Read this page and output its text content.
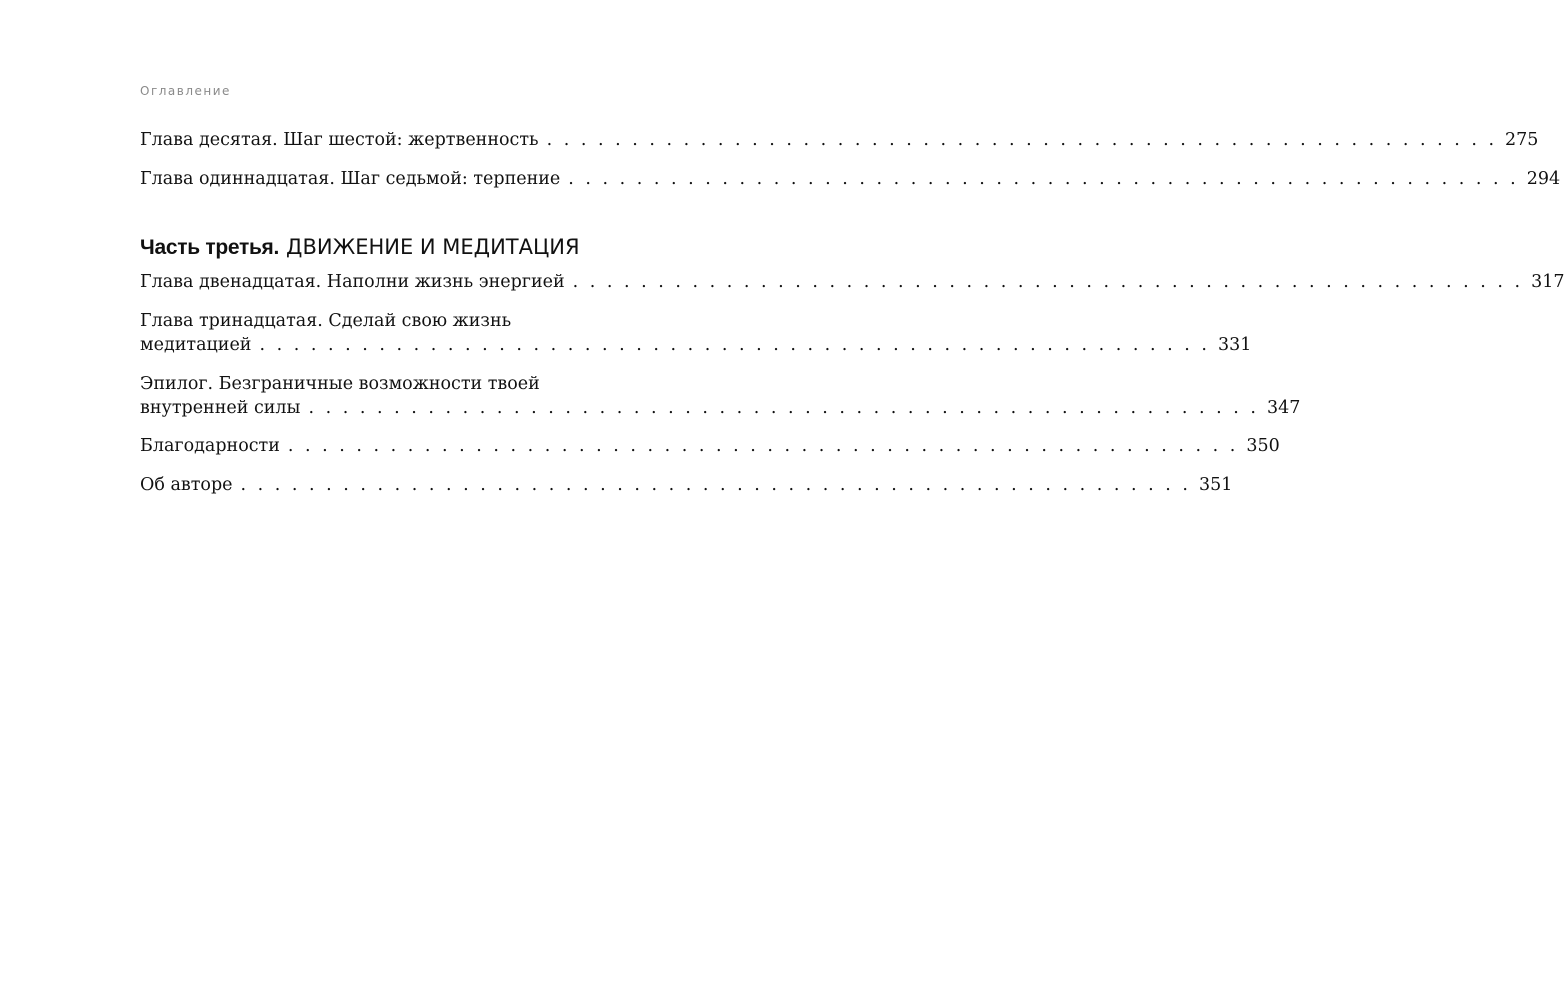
Оглавление
Глава десятая. Шаг шестой: жертвенность . . . . . . . . . . . . . . . . . . . . . . . . . . . . . . . . . . . . . . . . . . . . . . . . . . . . . . . . 275
Глава одиннадцатая. Шаг седьмой: терпение . . . . . . . . . . . . . . . . . . . . . . . . . . . . . . . . . . . . . . . . . . . . . . . . . . . . . . . . 294
Часть третья. ДВИЖЕНИЕ И МЕДИТАЦИЯ
Глава двенадцатая. Наполни жизнь энергией . . . . . . . . . . . . . . . . . . . . . . . . . . . . . . . . . . . . . . . . . . . . . . . . . . . . . . . . 317
Глава тринадцатая. Сделай свою жизнь
медитацией . . . . . . . . . . . . . . . . . . . . . . . . . . . . . . . . . . . . . . . . . . . . . . . . . . . . . . . . 331
Эпилог. Безграничные возможности твоей
внутренней силы . . . . . . . . . . . . . . . . . . . . . . . . . . . . . . . . . . . . . . . . . . . . . . . . . . . . . . . . 347
Благодарности . . . . . . . . . . . . . . . . . . . . . . . . . . . . . . . . . . . . . . . . . . . . . . . . . . . . . . . . 350
Об авторе . . . . . . . . . . . . . . . . . . . . . . . . . . . . . . . . . . . . . . . . . . . . . . . . . . . . . . . . 351
